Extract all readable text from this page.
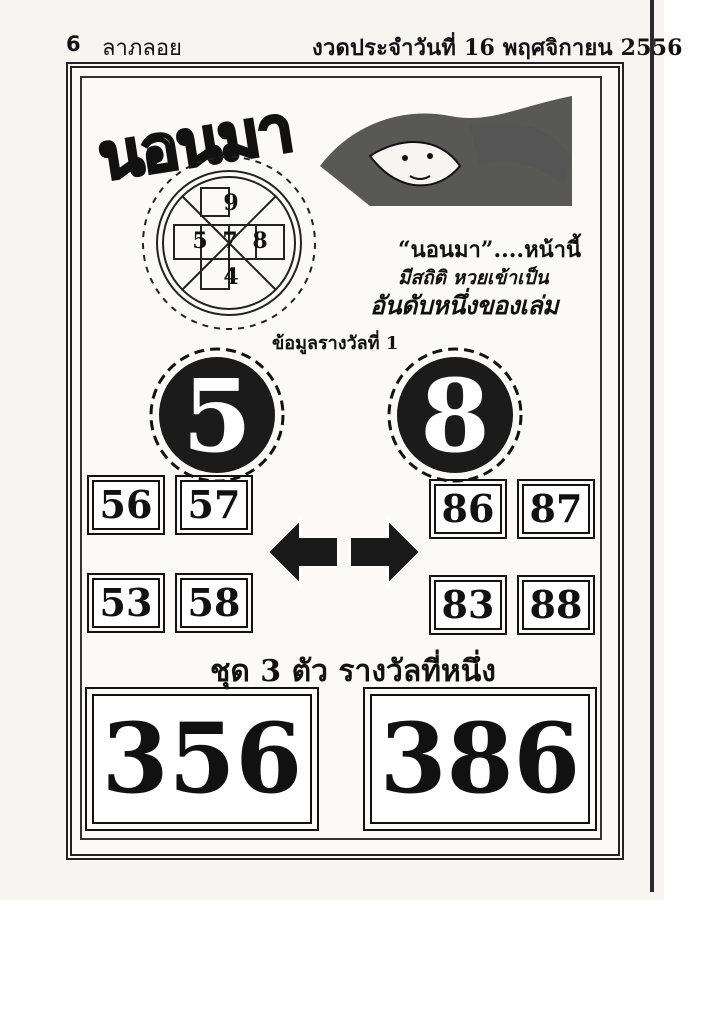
6 ลาภลอย	งวดประจำวันที่ 16 พฤศจิกายน 2556
นอนมา
9
5 7 8
4
“นอนมา”....หน้านี้
มีสถิติ หวยเข้าเป็น
อันดับหนึ่งของเล่ม
ข้อมูลรางวัลที่ 1
5 8
56 57
53 58
86 87
83 88
ชุด 3 ตัว รางวัลที่หนึ่ง
356 386
